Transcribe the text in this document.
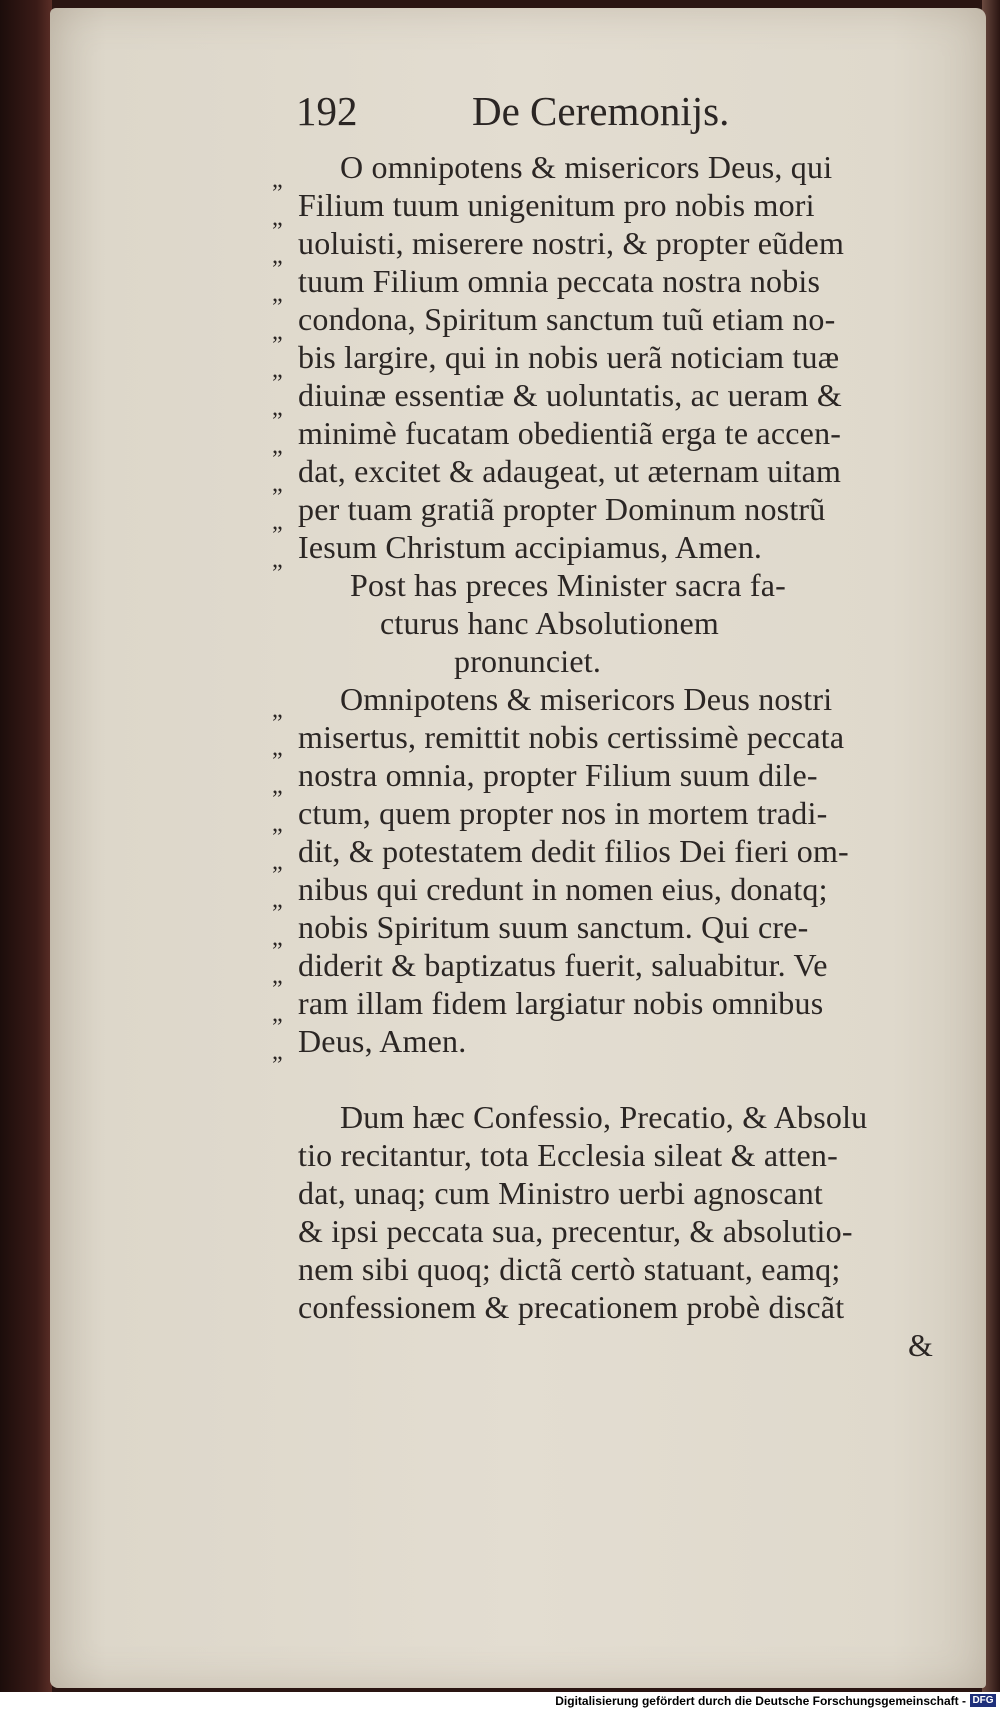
192	De Ceremonijs.
O omnipotens & misericors Deus, qui
Filium tuum unigenitum pro nobis mori
uoluisti, miserere nostri, & propter eũdem
tuum Filium omnia peccata nostra nobis
condona, Spiritum sanctum tuũ etiam no-
bis largire, qui in nobis uerã noticiam tuæ
diuinæ essentiæ & uoluntatis, ac ueram &
minimè fucatam obedientiã erga te accen-
dat, excitet & adaugeat, ut æternam uitam
per tuam gratiã propter Dominum nostrũ
Iesum Christum accipiamus, Amen.
Post has preces Minister sacra fa-
cturus hanc Absolutionem
pronunciet.
Omnipotens & misericors Deus nostri
misertus, remittit nobis certissimè peccata
nostra omnia, propter Filium suum dile-
ctum, quem propter nos in mortem tradi-
dit, & potestatem dedit filios Dei fieri om-
nibus qui credunt in nomen eius, donatq;
nobis Spiritum suum sanctum. Qui cre-
diderit & baptizatus fuerit, saluabitur. Ve
ram illam fidem largiatur nobis omnibus
Deus, Amen.
Dum hæc Confessio, Precatio, & Absolu
tio recitantur, tota Ecclesia sileat & atten-
dat, unaq; cum Ministro uerbi agnoscant
& ipsi peccata sua, precentur, & absolutio-
nem sibi quoq; dictã certò statuant, eamq;
confessionem & precationem probè discãt
&
„
„
„
„
„
„
„
„
„
„
„
„
„
„
„
„
„
„
„
„
„
Digitalisierung gefördert durch die Deutsche Forschungsgemeinschaft - DFG
